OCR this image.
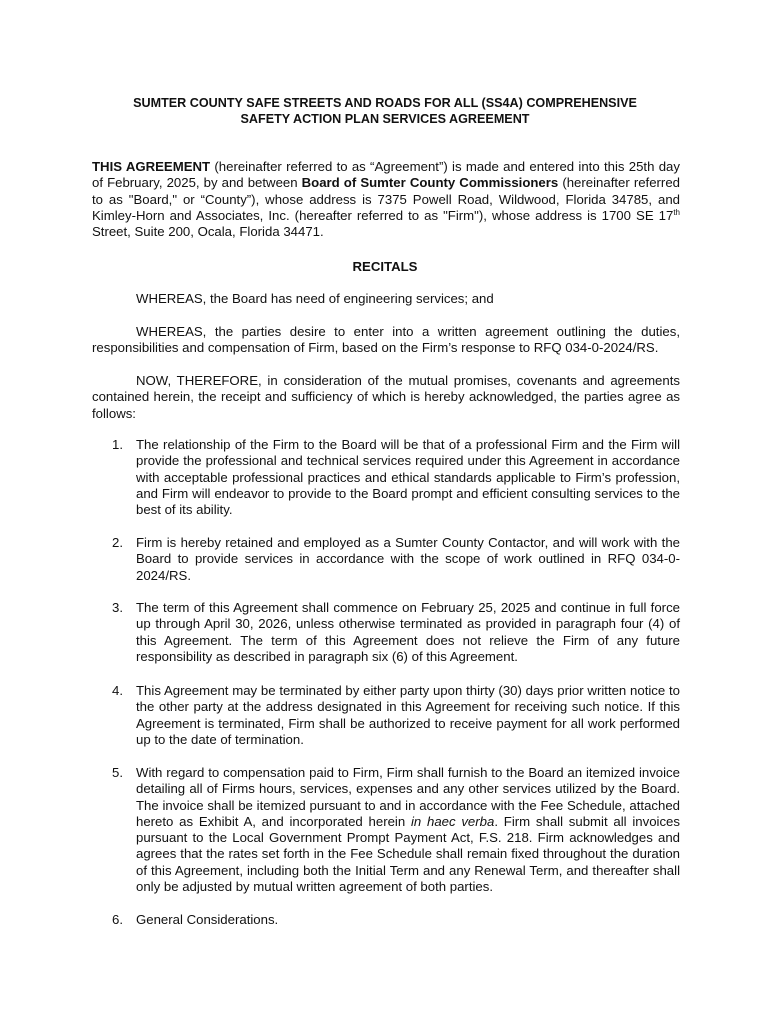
SUMTER COUNTY SAFE STREETS AND ROADS FOR ALL (SS4A) COMPREHENSIVE
SAFETY ACTION PLAN SERVICES AGREEMENT
THIS AGREEMENT (hereinafter referred to as “Agreement”) is made and entered into this 25th day of February, 2025, by and between Board of Sumter County Commissioners (hereinafter referred to as "Board," or “County”), whose address is 7375 Powell Road, Wildwood, Florida 34785, and Kimley-Horn and Associates, Inc. (hereafter referred to as "Firm"), whose address is 1700 SE 17th Street, Suite 200, Ocala, Florida 34471.
RECITALS
WHEREAS, the Board has need of engineering services; and
WHEREAS, the parties desire to enter into a written agreement outlining the duties, responsibilities and compensation of Firm, based on the Firm’s response to RFQ 034-0-2024/RS.
NOW, THEREFORE, in consideration of the mutual promises, covenants and agreements contained herein, the receipt and sufficiency of which is hereby acknowledged, the parties agree as follows:
1. The relationship of the Firm to the Board will be that of a professional Firm and the Firm will provide the professional and technical services required under this Agreement in accordance with acceptable professional practices and ethical standards applicable to Firm’s profession, and Firm will endeavor to provide to the Board prompt and efficient consulting services to the best of its ability.
2. Firm is hereby retained and employed as a Sumter County Contactor, and will work with the Board to provide services in accordance with the scope of work outlined in RFQ 034-0-2024/RS.
3. The term of this Agreement shall commence on February 25, 2025 and continue in full force up through April 30, 2026, unless otherwise terminated as provided in paragraph four (4) of this Agreement. The term of this Agreement does not relieve the Firm of any future responsibility as described in paragraph six (6) of this Agreement.
4. This Agreement may be terminated by either party upon thirty (30) days prior written notice to the other party at the address designated in this Agreement for receiving such notice. If this Agreement is terminated, Firm shall be authorized to receive payment for all work performed up to the date of termination.
5. With regard to compensation paid to Firm, Firm shall furnish to the Board an itemized invoice detailing all of Firms hours, services, expenses and any other services utilized by the Board. The invoice shall be itemized pursuant to and in accordance with the Fee Schedule, attached hereto as Exhibit A, and incorporated herein in haec verba. Firm shall submit all invoices pursuant to the Local Government Prompt Payment Act, F.S. 218. Firm acknowledges and agrees that the rates set forth in the Fee Schedule shall remain fixed throughout the duration of this Agreement, including both the Initial Term and any Renewal Term, and thereafter shall only be adjusted by mutual written agreement of both parties.
6. General Considerations.
